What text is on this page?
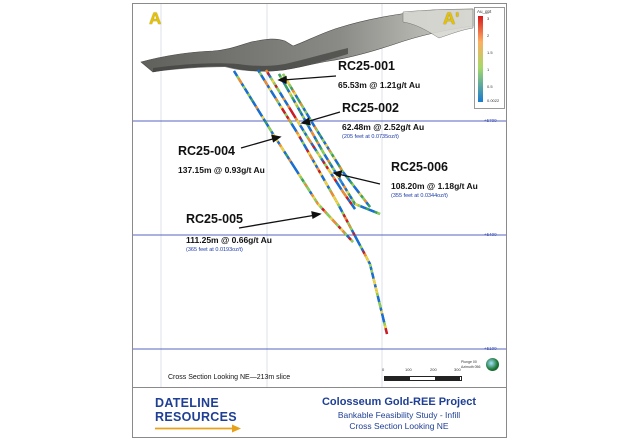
A	A'
+5700
+5400
+5100
RC25-001
65.53m @ 1.21g/t Au
RC25-002
62.48m @ 2.52g/t Au
(205 feet at 0.0735oz/t)
RC25-004
137.15m @ 0.93g/t Au	RC25-006
108.20m @ 1.18g/t Au
(355 feet at 0.0344oz/t)
RC25-005
111.25m @ 0.66g/t Au
(365 feet at 0.0193oz/t)
Au_gpt
3
2
1.5
1
0.5
0.0022
Cross Section Looking NE—213m slice
0	100	200	300
Plunge 00
Azimuth 056
DATELINE
RESOURCES
Colosseum Gold-REE Project
Bankable Feasibility Study - Infill
Cross Section Looking NE
